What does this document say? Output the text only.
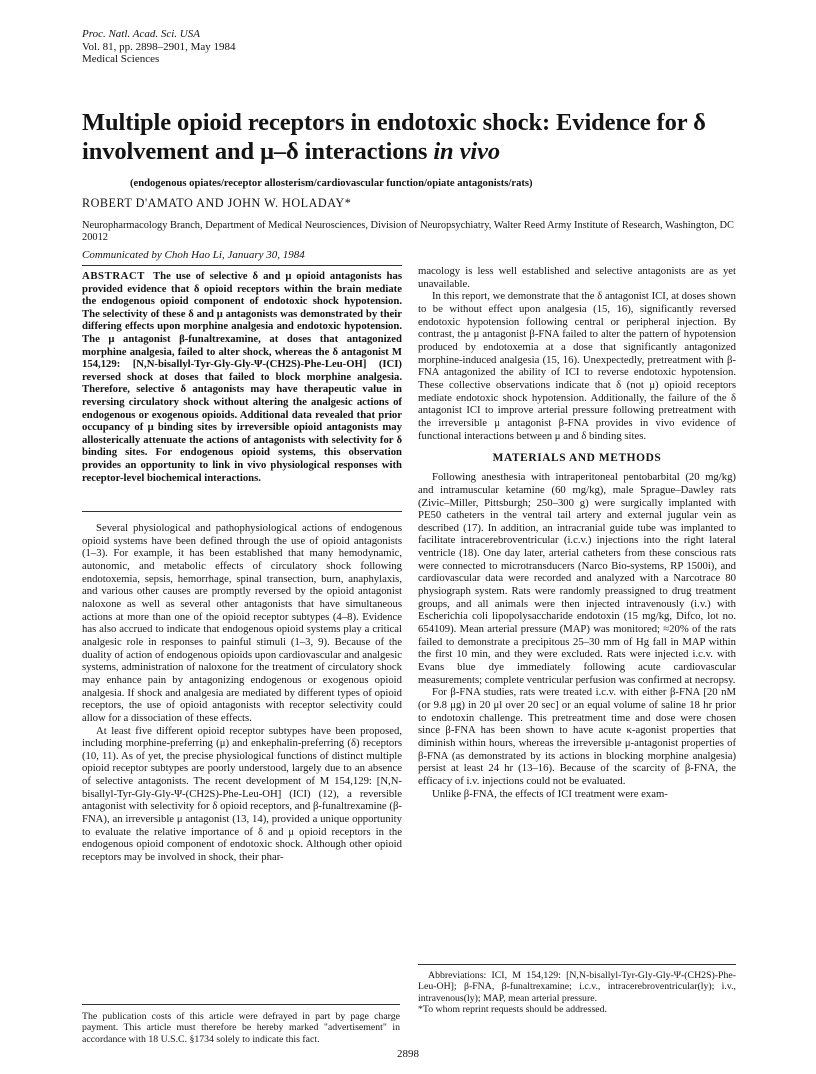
Proc. Natl. Acad. Sci. USA
Vol. 81, pp. 2898–2901, May 1984
Medical Sciences
Multiple opioid receptors in endotoxic shock: Evidence for δ involvement and μ–δ interactions in vivo
(endogenous opiates/receptor allosterism/cardiovascular function/opiate antagonists/rats)
ROBERT D'AMATO AND JOHN W. HOLADAY*
Neuropharmacology Branch, Department of Medical Neurosciences, Division of Neuropsychiatry, Walter Reed Army Institute of Research, Washington, DC 20012
Communicated by Choh Hao Li, January 30, 1984
ABSTRACT The use of selective δ and μ opioid antagonists has provided evidence that δ opioid receptors within the brain mediate the endogenous opioid component of endotoxic shock hypotension. The selectivity of these δ and μ antagonists was demonstrated by their differing effects upon morphine analgesia and endotoxic hypotension. The μ antagonist β-funaltrexamine, at doses that antagonized morphine analgesia, failed to alter shock, whereas the δ antagonist M 154,129: [N,N-bisallyl-Tyr-Gly-Gly-Ψ-(CH2S)-Phe-Leu-OH] (ICI) reversed shock at doses that failed to block morphine analgesia. Therefore, selective δ antagonists may have therapeutic value in reversing circulatory shock without altering the analgesic actions of endogenous or exogenous opioids. Additional data revealed that prior occupancy of μ binding sites by irreversible opioid antagonists may allosterically attenuate the actions of antagonists with selectivity for δ binding sites. For endogenous opioid systems, this observation provides an opportunity to link in vivo physiological responses with receptor-level biochemical interactions.

Several physiological and pathophysiological actions of endogenous opioid systems have been defined through the use of opioid antagonists (1–3). For example, it has been established that many hemodynamic, autonomic, and metabolic effects of circulatory shock following endotoxemia, sepsis, hemorrhage, spinal transection, burn, anaphylaxis, and various other causes are promptly reversed by the opioid antagonist naloxone as well as several other antagonists that have simultaneous actions at more than one of the opioid receptor subtypes (4–8). Evidence has also accrued to indicate that endogenous opioid systems play a critical analgesic role in responses to painful stimuli (1–3, 9). Because of the duality of action of endogenous opioids upon cardiovascular and analgesic systems, administration of naloxone for the treatment of circulatory shock may enhance pain by antagonizing endogenous or exogenous opioid analgesia. If shock and analgesia are mediated by different types of opioid receptors, the use of opioid antagonists with receptor selectivity could allow for a dissociation of these effects.

At least five different opioid receptor subtypes have been proposed, including morphine-preferring (μ) and enkephalin-preferring (δ) receptors (10, 11). As of yet, the precise physiological functions of distinct multiple opioid receptor subtypes are poorly understood, largely due to an absence of selective antagonists. The recent development of M 154,129: [N,N-bisallyl-Tyr-Gly-Gly-Ψ-(CH2S)-Phe-Leu-OH] (ICI) (12), a reversible antagonist with selectivity for δ opioid receptors, and β-funaltrexamine (β-FNA), an irreversible μ antagonist (13, 14), provided a unique opportunity to evaluate the relative importance of δ and μ opioid receptors in the endogenous opioid component of endotoxic shock. Although other opioid receptors may be involved in shock, their phar-

macology is less well established and selective antagonists are as yet unavailable.

In this report, we demonstrate that the δ antagonist ICI, at doses shown to be without effect upon analgesia (15, 16), significantly reversed endotoxic hypotension following central or peripheral injection. By contrast, the μ antagonist β-FNA failed to alter the pattern of hypotension produced by endotoxemia at a dose that significantly antagonized morphine-induced analgesia (15, 16). Unexpectedly, pretreatment with β-FNA antagonized the ability of ICI to reverse endotoxic hypotension. These collective observations indicate that δ (not μ) opioid receptors mediate endotoxic shock hypotension. Additionally, the failure of the δ antagonist ICI to improve arterial pressure following pretreatment with the irreversible μ antagonist β-FNA provides in vivo evidence of functional interactions between μ and δ binding sites.

MATERIALS AND METHODS

Following anesthesia with intraperitoneal pentobarbital (20 mg/kg) and intramuscular ketamine (60 mg/kg), male Sprague–Dawley rats (Zivic–Miller, Pittsburgh; 250–300 g) were surgically implanted with PE50 catheters in the ventral tail artery and external jugular vein as described (17). In addition, an intracranial guide tube was implanted to facilitate intracerebroventricular (i.c.v.) injections into the right lateral ventricle (18). One day later, arterial catheters from these conscious rats were connected to microtransducers (Narco Bio-systems, RP 1500i), and cardiovascular data were recorded and analyzed with a Narcotrace 80 physiograph system. Rats were randomly preassigned to drug treatment groups, and all animals were then injected intravenously (i.v.) with Escherichia coli lipopolysaccharide endotoxin (15 mg/kg, Difco, lot no. 654109). Mean arterial pressure (MAP) was monitored; ≈20% of the rats failed to demonstrate a precipitous 25–30 mm of Hg fall in MAP within the first 10 min, and they were excluded. Rats were injected i.c.v. with Evans blue dye immediately following acute cardiovascular measurements; complete ventricular perfusion was confirmed at necropsy.

For β-FNA studies, rats were treated i.c.v. with either β-FNA [20 nM (or 9.8 μg) in 20 μl over 20 sec] or an equal volume of saline 18 hr prior to endotoxin challenge. This pretreatment time and dose were chosen since β-FNA has been shown to have acute κ-agonist properties that diminish within hours, whereas the irreversible μ-antagonist properties of β-FNA (as demonstrated by its actions in blocking morphine analgesia) persist at least 24 hr (13–16). Because of the scarcity of β-FNA, the efficacy of i.v. injections could not be evaluated.

Unlike β-FNA, the effects of ICI treatment were exam-

The publication costs of this article were defrayed in part by page charge payment. This article must therefore be hereby marked "advertisement" in accordance with 18 U.S.C. §1734 solely to indicate this fact.

Abbreviations: ICI, M 154,129: [N,N-bisallyl-Tyr-Gly-Gly-Ψ-(CH2S)-Phe-Leu-OH]; β-FNA, β-funaltrexamine; i.c.v., intracerebroventricular(ly); i.v., intravenous(ly); MAP, mean arterial pressure.

*To whom reprint requests should be addressed.

2898
